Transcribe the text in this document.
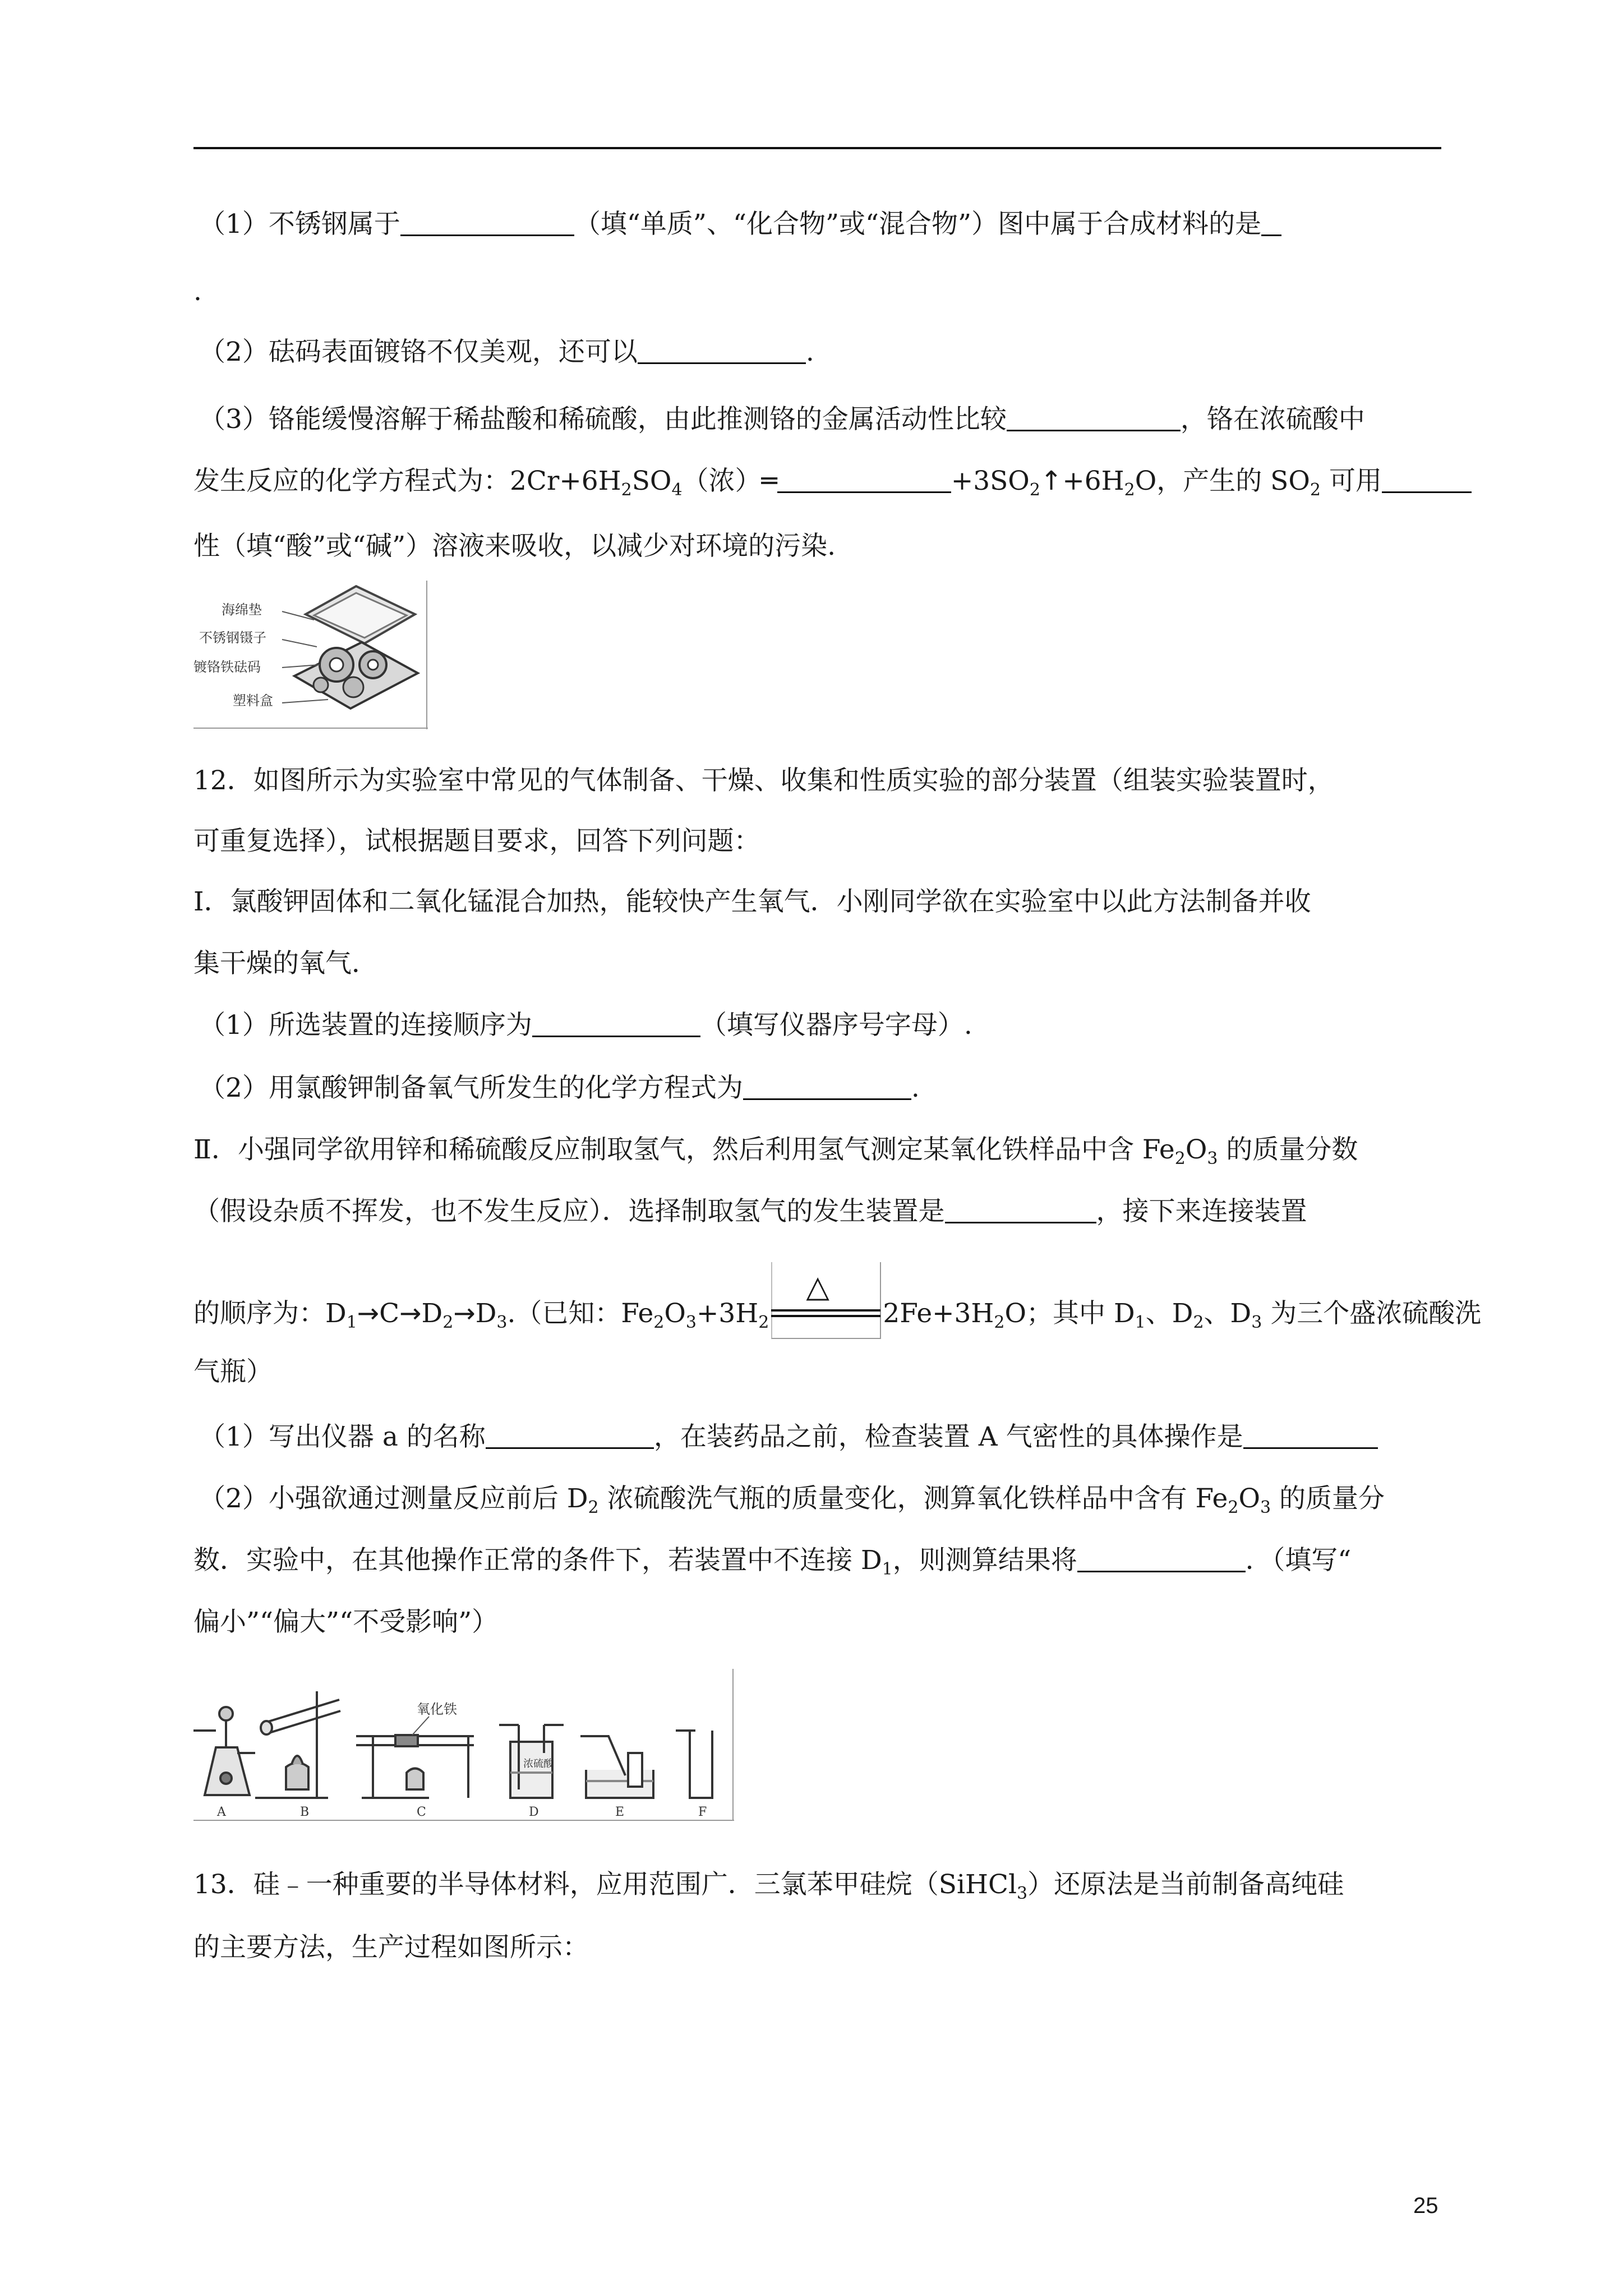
（1）不锈钢属于	（填“单质”、“化合物”或“混合物”）图中属于合成材料的是
.
（2）砝码表面镀铬不仅美观，还可以	.
（3）铬能缓慢溶解于稀盐酸和稀硫酸，由此推测铬的金属活动性比较	，铬在浓硫酸中
发生反应的化学方程式为：$2Cr+6H_2SO_4$（浓）═	$+3SO_2↑+6H_2O$，产生的 $SO_2$ 可用
性（填“酸”或“碱”）溶液来吸收，以减少对环境的污染.
海绵垫
不锈钢镊子
镀铬铁砝码
塑料盒
12．如图所示为实验室中常见的气体制备、干燥、收集和性质实验的部分装置（组装实验装置时，
可重复选择），试根据题目要求，回答下列问题：
Ⅰ．氯酸钾固体和二氧化锰混合加热，能较快产生氧气．小刚同学欲在实验室中以此方法制备并收
集干燥的氧气．
（1）所选装置的连接顺序为	（填写仪器序号字母）.
（2）用氯酸钾制备氧气所发生的化学方程式为	.
Ⅱ．小强同学欲用锌和稀硫酸反应制取氢气，然后利用氢气测定某氧化铁样品中含 $Fe_2O_3$ 的质量分数
（假设杂质不挥发，也不发生反应）．选择制取氢气的发生装置是	，接下来连接装置
的顺序为：$D_1\to C\to D_2\to D_3$.（已知：$Fe_2O_3+3H_2$
△
$2Fe+3H_2O$；其中 $D_1$、$D_2$、$D_3$ 为三个盛浓硫酸洗
气瓶）
（1）写出仪器 a 的名称	，在装药品之前，检查装置 A 气密性的具体操作是
（2）小强欲通过测量反应前后 $D_2$ 浓硫酸洗气瓶的质量变化，测算氧化铁样品中含有 $Fe_2O_3$ 的质量分
数．实验中，在其他操作正常的条件下，若装置中不连接 $D_1$，则测算结果将	．（填写“
偏小”“偏大”“不受影响”）
氧化铁
浓硫酸
A	B	C	D	E	F
13．硅﹣一种重要的半导体材料，应用范围广．三氯苯甲硅烷（SiHCl$_3$）还原法是当前制备高纯硅
的主要方法，生产过程如图所示：
25
